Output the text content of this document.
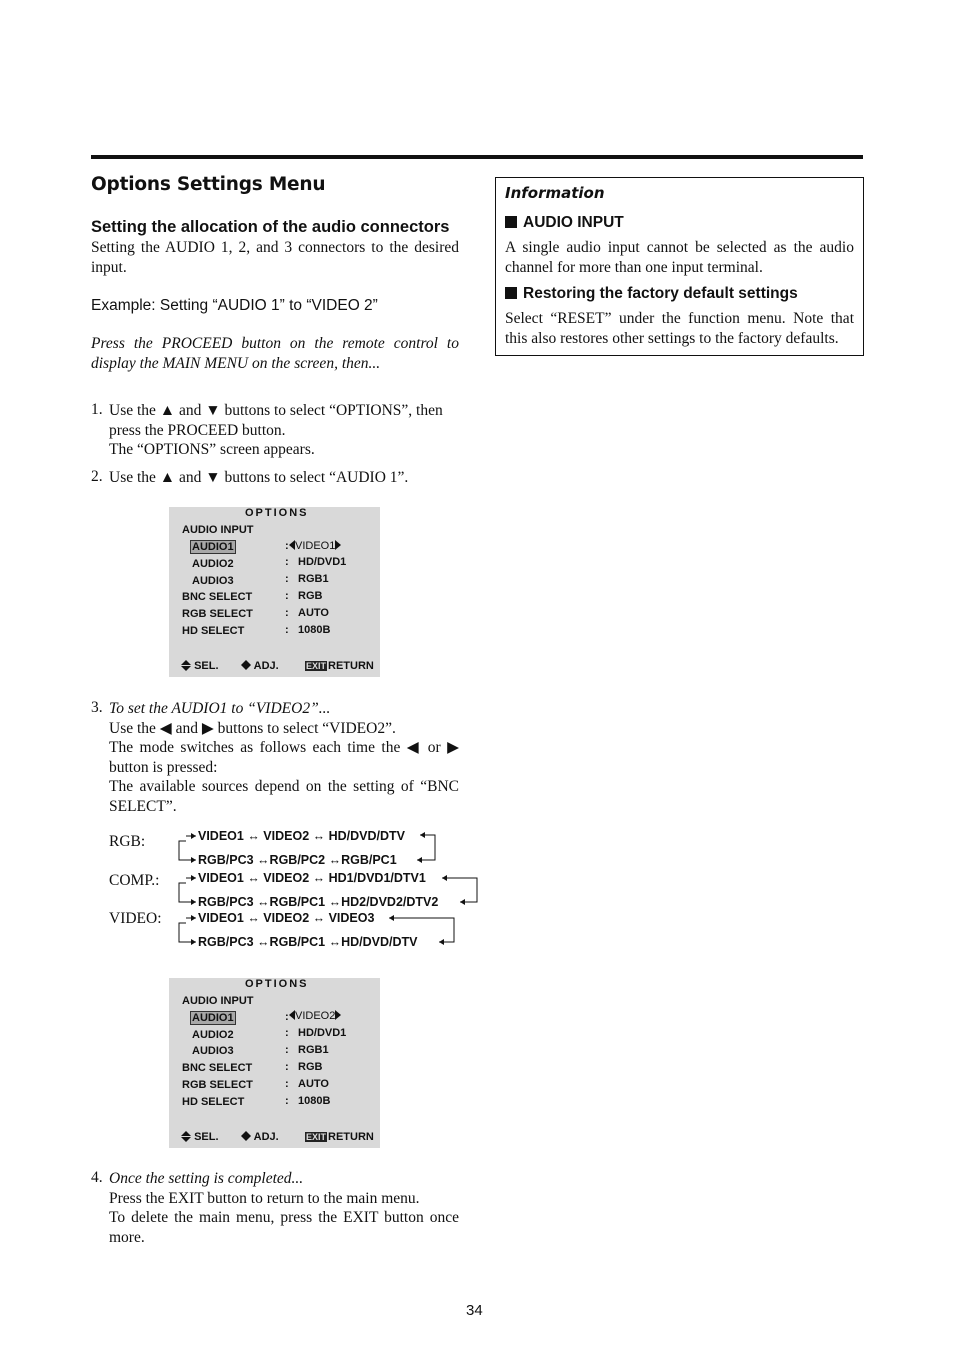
Options Settings Menu
Setting the allocation of the audio connectors
Setting the AUDIO 1, 2, and 3 connectors to the desired input.
Example: Setting “AUDIO 1” to “VIDEO 2”
Press the PROCEED button on the remote control to display the MAIN MENU on the screen, then...
1. Use the ▲ and ▼ buttons to select “OPTIONS”, then press the PROCEED button.
The “OPTIONS” screen appears.
2. Use the ▲ and ▼ buttons to select “AUDIO 1”.
OPTIONS
AUDIO INPUT
AUDIO1	: VIDEO1
AUDIO2	: HD/DVD1
AUDIO3	: RGB1
BNC SELECT	: RGB
RGB SELECT	: AUTO
HD SELECT	: 1080B
SEL.	ADJ.	EXIT RETURN
3. To set the AUDIO1 to “VIDEO2”...
Use the ◀ and ▶ buttons to select “VIDEO2”.
The mode switches as follows each time the ◀ or ▶ button is pressed:
The available sources depend on the setting of “BNC SELECT”.
RGB:	VIDEO1 ↔ VIDEO2 ↔ HD/DVD/DTV
RGB/PC3 ↔RGB/PC2 ↔RGB/PC1
COMP.:	VIDEO1 ↔ VIDEO2 ↔ HD1/DVD1/DTV1
RGB/PC3 ↔RGB/PC1 ↔HD2/DVD2/DTV2
VIDEO:	VIDEO1 ↔ VIDEO2 ↔ VIDEO3
RGB/PC3 ↔RGB/PC1 ↔HD/DVD/DTV
OPTIONS
AUDIO INPUT
AUDIO1	: VIDEO2
AUDIO2	: HD/DVD1
AUDIO3	: RGB1
BNC SELECT	: RGB
RGB SELECT	: AUTO
HD SELECT	: 1080B
SEL.	ADJ.	EXIT RETURN
4. Once the setting is completed...
Press the EXIT button to return to the main menu.
To delete the main menu, press the EXIT button once more.
Information
AUDIO INPUT
A single audio input cannot be selected as the audio channel for more than one input terminal.
Restoring the factory default settings
Select “RESET” under the function menu. Note that this also restores other settings to the factory defaults.
34
